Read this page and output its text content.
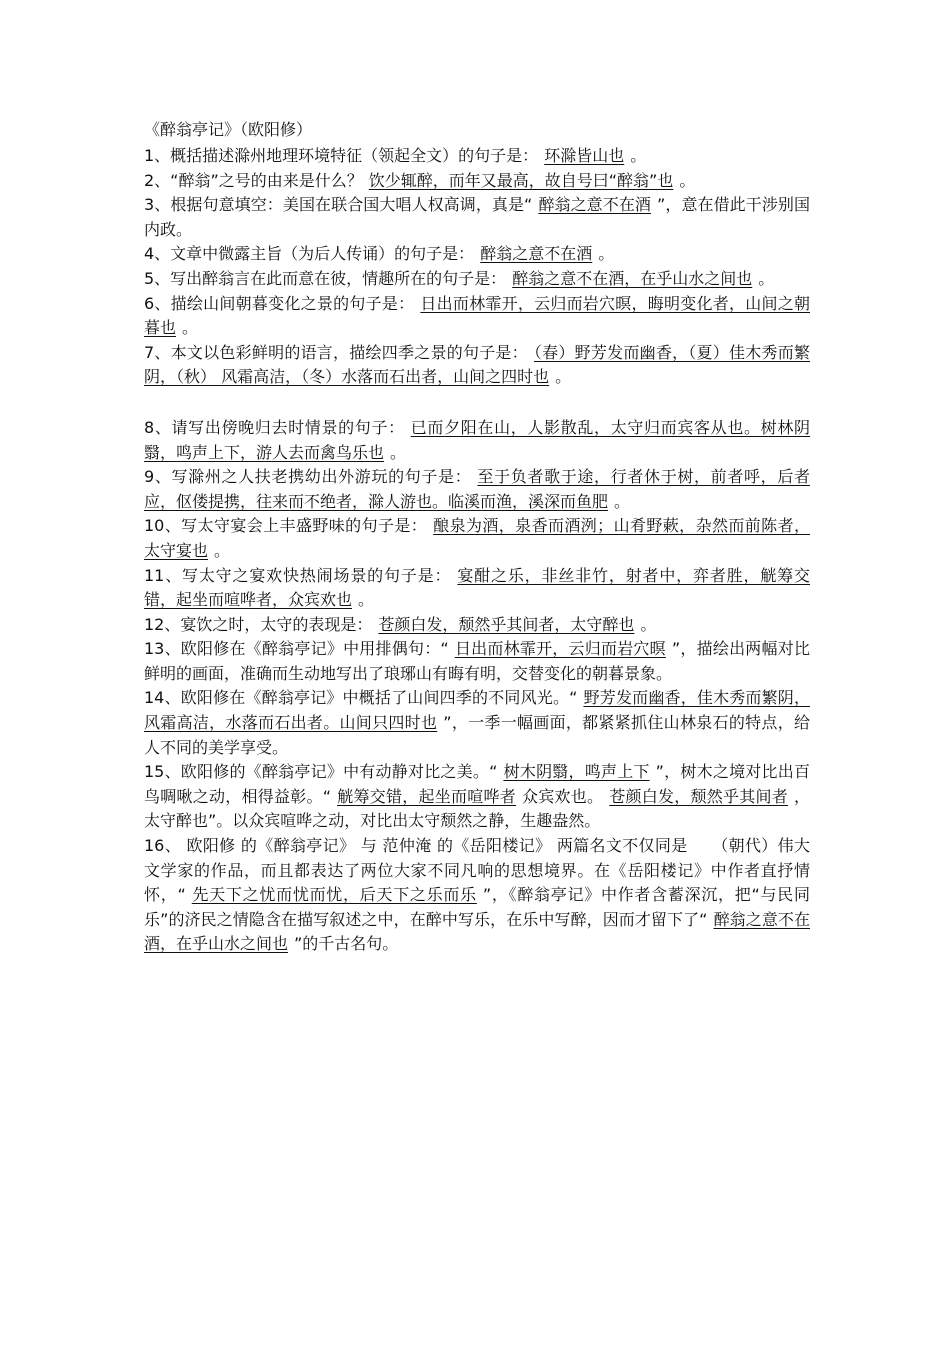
《醉翁亭记》（欧阳修）
1、概括描述滁州地理环境特征（领起全文）的句子是： 环滁皆山也 。
2、“醉翁”之号的由来是什么？ 饮少辄醉，而年又最高，故自号曰“醉翁”也 。
3、根据句意填空：美国在联合国大唱人权高调，真是“ 醉翁之意不在酒 ”，意在借此干涉别国内政。
4、文章中微露主旨（为后人传诵）的句子是： 醉翁之意不在酒 。
5、写出醉翁言在此而意在彼，情趣所在的句子是： 醉翁之意不在酒，在乎山水之间也 。
6、描绘山间朝暮变化之景的句子是： 日出而林霏开，云归而岩穴暝，晦明变化者，山间之朝暮也 。
7、本文以色彩鲜明的语言，描绘四季之景的句子是： （春）野芳发而幽香，（夏）佳木秀而繁阴，（秋） 风霜高洁，（冬）水落而石出者，山间之四时也 。
8、请写出傍晚归去时情景的句子： 已而夕阳在山，人影散乱，太守归而宾客从也。树林阴翳，鸣声上下，游人去而禽鸟乐也 。
9、写滁州之人扶老携幼出外游玩的句子是： 至于负者歌于途，行者休于树，前者呼，后者应，伛偻提携，往来而不绝者，滁人游也。临溪而渔，溪深而鱼肥 。
10、写太守宴会上丰盛野味的句子是： 酿泉为酒，泉香而酒洌；山肴野蔌，杂然而前陈者，太守宴也 。
11、写太守之宴欢快热闹场景的句子是： 宴酣之乐，非丝非竹，射者中，弈者胜，觥筹交错，起坐而喧哗者，众宾欢也 。
12、宴饮之时，太守的表现是： 苍颜白发，颓然乎其间者，太守醉也 。
13、欧阳修在《醉翁亭记》中用排偶句：“ 日出而林霏开，云归而岩穴暝 ”，描绘出两幅对比鲜明的画面，准确而生动地写出了琅琊山有晦有明，交替变化的朝暮景象。
14、欧阳修在《醉翁亭记》中概括了山间四季的不同风光。“ 野芳发而幽香，佳木秀而繁阴，风霜高洁，水落而石出者。山间只四时也 ”，一季一幅画面，都紧紧抓住山林泉石的特点，给人不同的美学享受。
15、欧阳修的《醉翁亭记》中有动静对比之美。“ 树木阴翳，鸣声上下 ”，树木之境对比出百鸟啁啾之动，相得益彰。“ 觥筹交错，起坐而喧哗者 众宾欢也。 苍颜白发，颓然乎其间者 ，太守醉也”。以众宾喧哗之动，对比出太守颓然之静，生趣盎然。
16、 欧阳修 的《醉翁亭记》 与 范仲淹 的《岳阳楼记》 两篇名文不仅同是　　（朝代）伟大文学家的作品，而且都表达了两位大家不同凡响的思想境界。在《岳阳楼记》中作者直抒情怀，“ 先天下之忧而忧而忧，后天下之乐而乐 ”，《醉翁亭记》中作者含蓄深沉，把“与民同乐”的济民之情隐含在描写叙述之中，在醉中写乐，在乐中写醉，因而才留下了“ 醉翁之意不在酒，在乎山水之间也 ”的千古名句。
